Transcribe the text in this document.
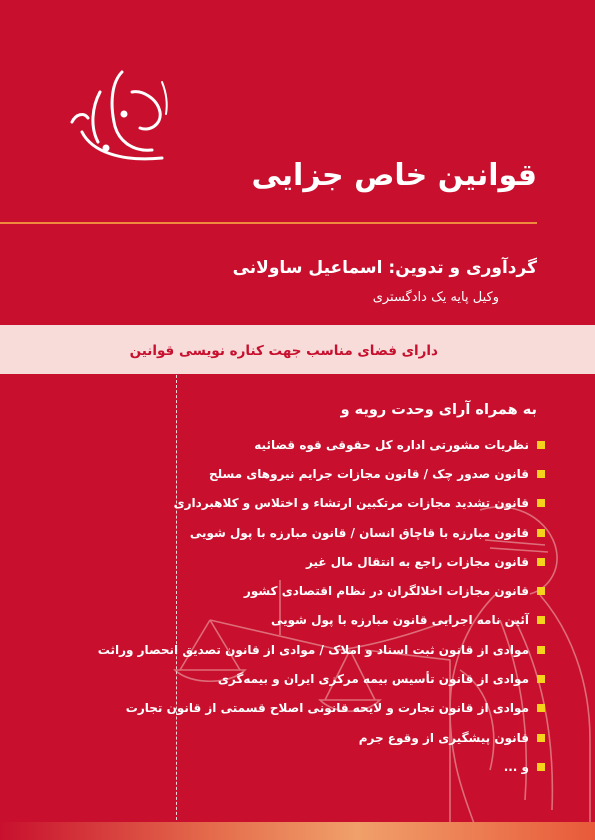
قوانین خاص جزایی
گردآوری و تدوین: اسماعیل ساولانی
وکیل پایه یک دادگستری
دارای فضای مناسب جهت کناره نویسی قوانین
به همراه آرای وحدت رویه و
نظریات مشورتی اداره کل حقوقی قوه قضائیه
قانون صدور چک / قانون مجازات جرایم نیروهای مسلح
قانون تشدید مجازات مرتکبین ارتشاء و اختلاس و کلاهبرداری
قانون مبارزه با قاچاق انسان / قانون مبارزه با پول شویی
قانون مجازات راجع به انتقال مال غیر
قانون مجازات اخلالگران در نظام اقتصادی کشور
آئین نامه اجرایی قانون مبارزه با پول شویی
موادی از قانون ثبت اسناد و املاک / موادی از قانون تصدیق انحصار وراثت
موادی از قانون تأسیس بیمه مرکزی ایران و بیمه‌گری
موادی از قانون تجارت و لایحه قانونی اصلاح قسمتی از قانون تجارت
قانون پیشگیری از وقوع جرم
و ...
